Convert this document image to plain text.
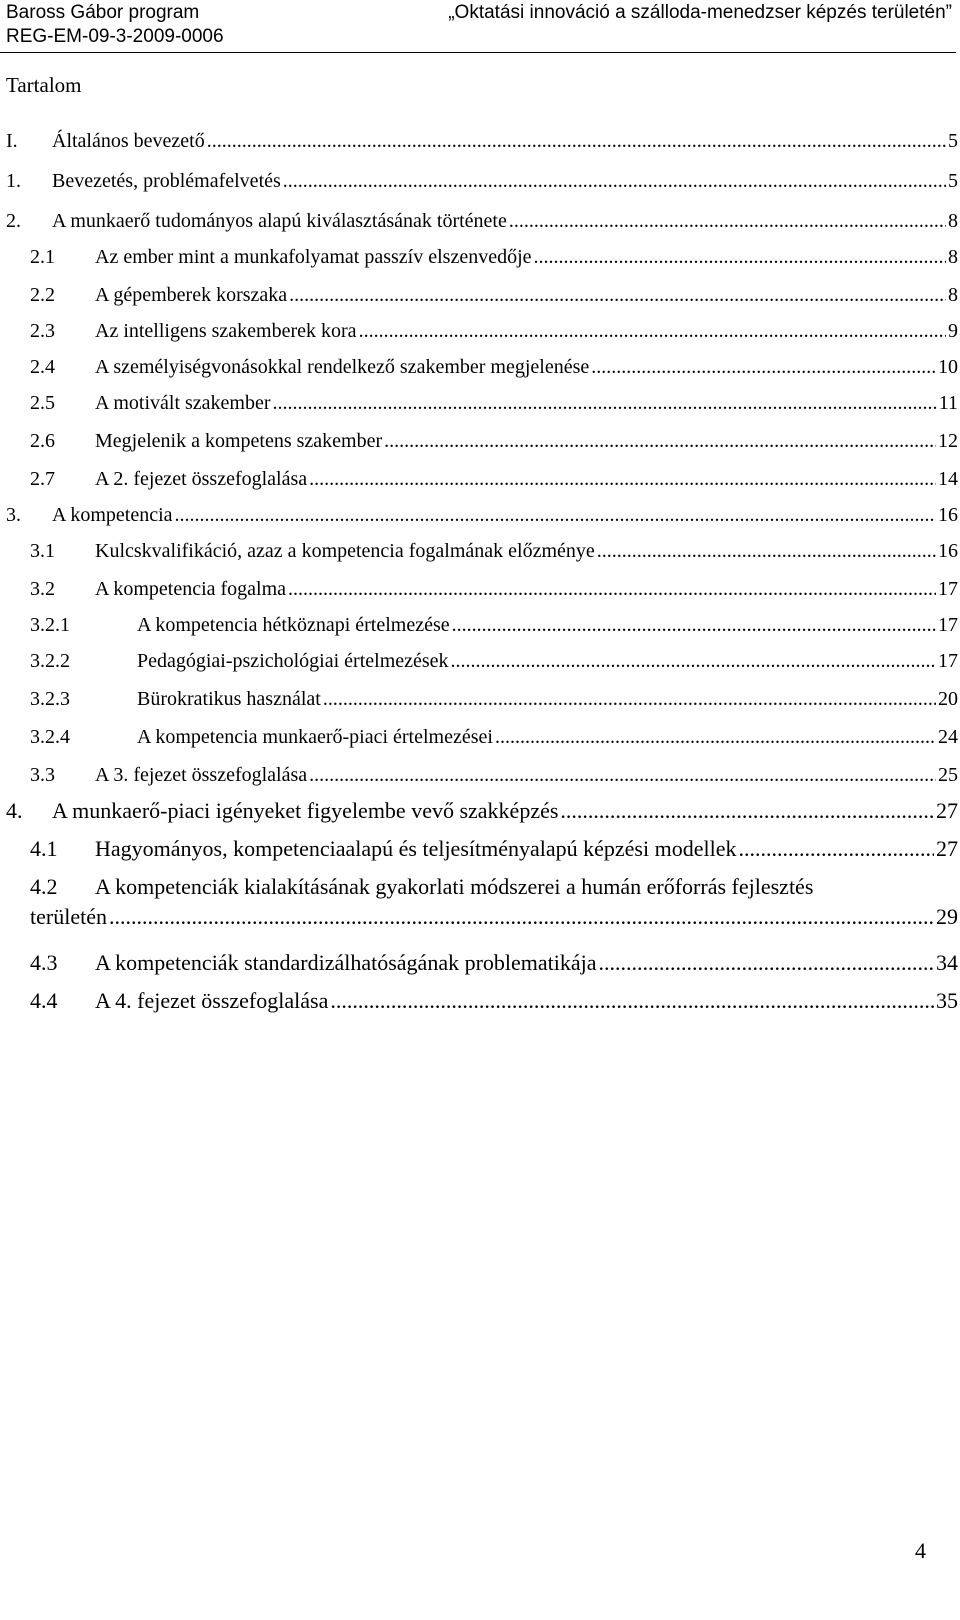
Baross Gábor program
REG-EM-09-3-2009-0006
„Oktatási innováció a szálloda-menedzser képzés területén”
Tartalom
I. Általános bevezető .....	5
1. Bevezetés, problémafelvetés .....	5
2. A munkaerő tudományos alapú kiválasztásának története .....	8
2.1 Az ember mint a munkafolyamat passzív elszenvedője .....	8
2.2 A gépemberek korszaka .....	8
2.3 Az intelligens szakemberek kora .....	9
2.4 A személyiségvonásokkal rendelkező szakember megjelenése .....	10
2.5 A motivált szakember .....	11
2.6 Megjelenik a kompetens szakember .....	12
2.7 A 2. fejezet összefoglalása .....	14
3. A kompetencia .....	16
3.1 Kulcskvalifikáció, azaz a kompetencia fogalmának előzménye .....	16
3.2 A kompetencia fogalma .....	17
3.2.1	A kompetencia hétköznapi értelmezése .....	17
3.2.2	Pedagógiai-pszichológiai értelmezések .....	17
3.2.3	Bürokratikus használat .....	20
3.2.4	A kompetencia munkaerő-piaci értelmezései .....	24
3.3 A 3. fejezet összefoglalása .....	25
4. A munkaerő-piaci igényeket figyelembe vevő szakképzés .....	27
4.1 Hagyományos, kompetenciaalapú és teljesítményalapú képzési modellek .....	27
4.2 A kompetenciák kialakításának gyakorlati módszerei a humán erőforrás fejlesztés
területén .....	29
4.3 A kompetenciák standardizálhatóságának problematikája .....	34
4.4 A 4. fejezet összefoglalása .....	35
4
